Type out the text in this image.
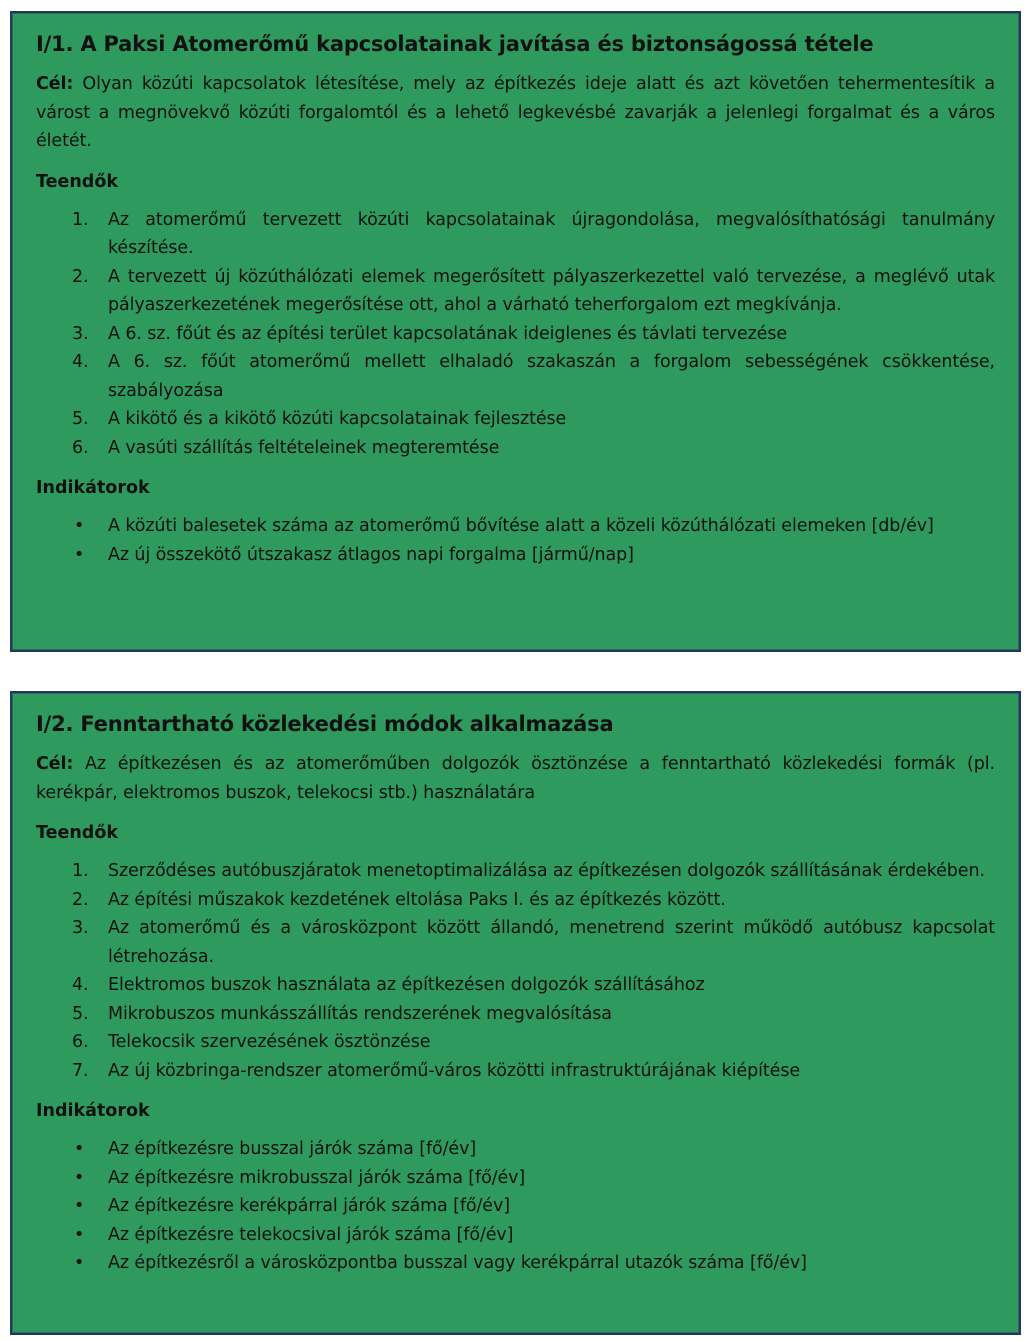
I/1. A Paksi Atomerőmű kapcsolatainak javítása és biztonságossá tétele

Cél: Olyan közúti kapcsolatok létesítése, mely az építkezés ideje alatt és azt követően tehermentesítik a várost a megnövekvő közúti forgalomtól és a lehető legkevésbé zavarják a jelenlegi forgalmat és a város életét.

Teendők
1.	Az atomerőmű tervezett közúti kapcsolatainak újragondolása, megvalósíthatósági tanulmány készítése.
2.	A tervezett új közúthálózati elemek megerősített pályaszerkezettel való tervezése, a meglévő utak pályaszerkezetének megerősítése ott, ahol a várható teherforgalom ezt megkívánja.
3.	A 6. sz. főút és az építési terület kapcsolatának ideiglenes és távlati tervezése
4.	A 6. sz. főút atomerőmű mellett elhaladó szakaszán a forgalom sebességének csökkentése, szabályozása
5.	A kikötő és a kikötő közúti kapcsolatainak fejlesztése
6.	A vasúti szállítás feltételeinek megteremtése
Indikátorok
• A közúti balesetek száma az atomerőmű bővítése alatt a közeli közúthálózati elemeken [db/év]
• Az új összekötő útszakasz átlagos napi forgalma [jármű/nap]
I/2. Fenntartható közlekedési módok alkalmazása

Cél: Az építkezésen és az atomerőműben dolgozók ösztönzése a fenntartható közlekedési formák (pl. kerékpár, elektromos buszok, telekocsi stb.) használatára

Teendők
1.	Szerződéses autóbuszjáratok menetoptimalizálása az építkezésen dolgozók szállításának érdekében.
2.	Az építési műszakok kezdetének eltolása Paks I. és az építkezés között.
3.	Az atomerőmű és a városközpont között állandó, menetrend szerint működő autóbusz kapcsolat létrehozása.
4.	Elektromos buszok használata az építkezésen dolgozók szállításához
5.	Mikrobuszos munkásszállítás rendszerének megvalósítása
6.	Telekocsik szervezésének ösztönzése
7.	Az új közbringa-rendszer atomerőmű-város közötti infrastruktúrájának kiépítése
Indikátorok
• Az építkezésre busszal járók száma [fő/év]
• Az építkezésre mikrobusszal járók száma [fő/év]
• Az építkezésre kerékpárral járók száma [fő/év]
• Az építkezésre telekocsival járók száma [fő/év]
• Az építkezésről a városközpontba busszal vagy kerékpárral utazók száma [fő/év]
